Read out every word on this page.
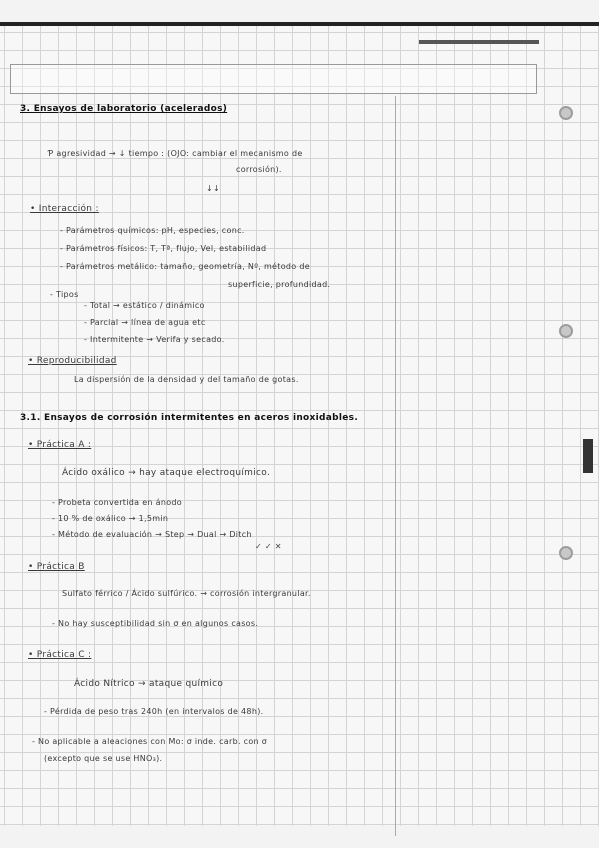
3. Ensayos de laboratorio (acelerados)
Ƥ agresividad → ↓ tiempo : (OJO: cambiar el mecanismo de
corrosión).
↓↓
• Interacción :
- Parámetros químicos: pH, especies, conc.
- Parámetros físicos: T, Tª, flujo, Vel, estabilidad
- Parámetros metálico: tamaño, geometría, Nº, método de
superficie, profundidad.
- Tipos
- Total → estático / dinámico
- Parcial → línea de agua etc
- Intermitente → Verifa y secado.
• Reproducibilidad
La dispersión de la densidad y del tamaño de gotas.
3.1. Ensayos de corrosión intermitentes en aceros inoxidables.
• Práctica A :
Ácido oxálico → hay ataque electroquímico.
- Probeta convertida en ánodo
- 10 % de oxálico → 1,5min
- Método de evaluación → Step → Dual → Ditch
✓ ✓ ✕
• Práctica B
Sulfato férrico / Ácido sulfúrico. → corrosión intergranular.
- No hay susceptibilidad sin σ en algunos casos.
• Práctica C :
Ácido Nítrico → ataque químico
- Pérdida de peso tras 240h (en intervalos de 48h).
- No aplicable a aleaciones con Mo: σ inde. carb. con σ
(excepto que se use HNO₃).
